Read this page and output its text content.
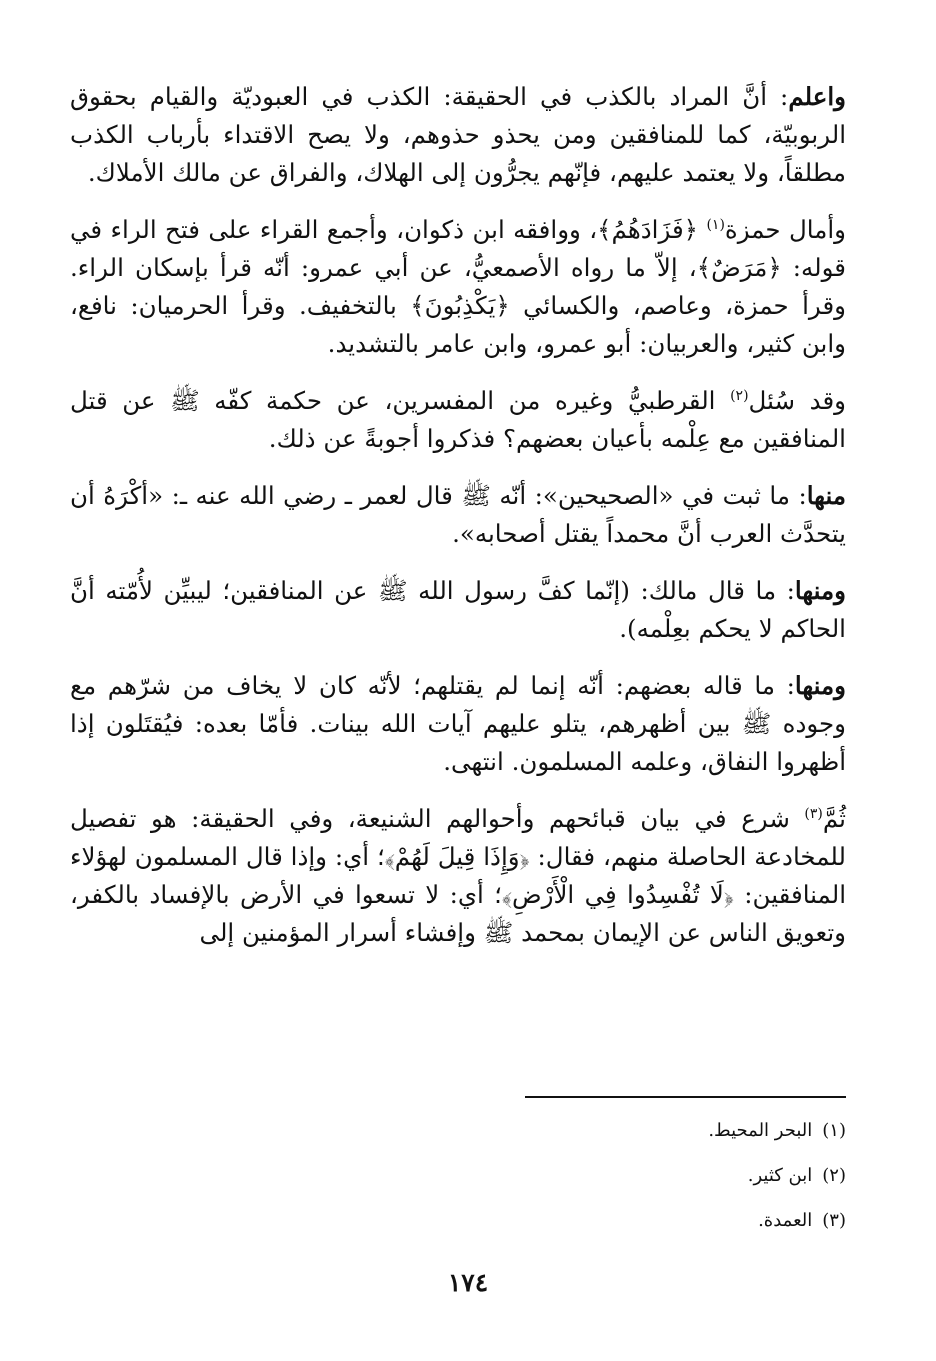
واعلم: أنَّ المراد بالكذب في الحقيقة: الكذب في العبوديّة والقيام بحقوق الربوبيّة، كما للمنافقين ومن يحذو حذوهم، ولا يصح الاقتداء بأرباب الكذب مطلقاً، ولا يعتمد عليهم، فإنّهم يجرُّون إلى الهلاك، والفراق عن مالك الأملاك.

وأمال حمزة$^{(١)}$ ﴿فَزَادَهُمُ﴾، ووافقه ابن ذكوان، وأجمع القراء على فتح الراء في قوله: ﴿مَرَضٌ﴾، إلاّ ما رواه الأصمعيُّ، عن أبي عمرو: أنّه قرأ بإسكان الراء. وقرأ حمزة، وعاصم، والكسائي ﴿يَكْذِبُونَ﴾ بالتخفيف. وقرأ الحرميان: نافع، وابن كثير، والعربيان: أبو عمرو، وابن عامر بالتشديد.

وقد سُئل$^{(٢)}$ القرطبيُّ وغيره من المفسرين، عن حكمة كفّه ﷺ عن قتل المنافقين مع عِلْمه بأعيان بعضهم؟ فذكروا أجوبةً عن ذلك.

منها: ما ثبت في «الصحيحين»: أنّه ﷺ قال لعمر ـ رضي الله عنه ـ: «أكْرَهُ أن يتحدَّث العرب أنَّ محمداً يقتل أصحابه».

ومنها: ما قال مالك: (إنّما كفَّ رسول الله ﷺ عن المنافقين؛ ليبيِّن لأُمّته أنَّ الحاكم لا يحكم بعِلْمه).

ومنها: ما قاله بعضهم: أنّه إنما لم يقتلهم؛ لأنّه كان لا يخاف من شرّهم مع وجوده ﷺ بين أظهرهم، يتلو عليهم آيات الله بينات. فأمّا بعده: فيُقتَلون إذا أظهروا النفاق، وعلمه المسلمون. انتهى.

ثُمَّ$^{(٣)}$ شرع في بيان قبائحهم وأحوالهم الشنيعة، وفي الحقيقة: هو تفصيل للمخادعة الحاصلة منهم، فقال: ﴿وَإِذَا قِيلَ لَهُمْ﴾؛ أي: وإذا قال المسلمون لهؤلاء المنافقين: ﴿لَا تُفْسِدُوا فِي الْأَرْضِ﴾؛ أي: لا تسعوا في الأرض بالإفساد بالكفر، وتعويق الناس عن الإيمان بمحمد ﷺ وإفشاء أسرار المؤمنين إلى

(١)البحر المحيط.
(٢)ابن كثير.
(٣)العمدة.
١٧٤
